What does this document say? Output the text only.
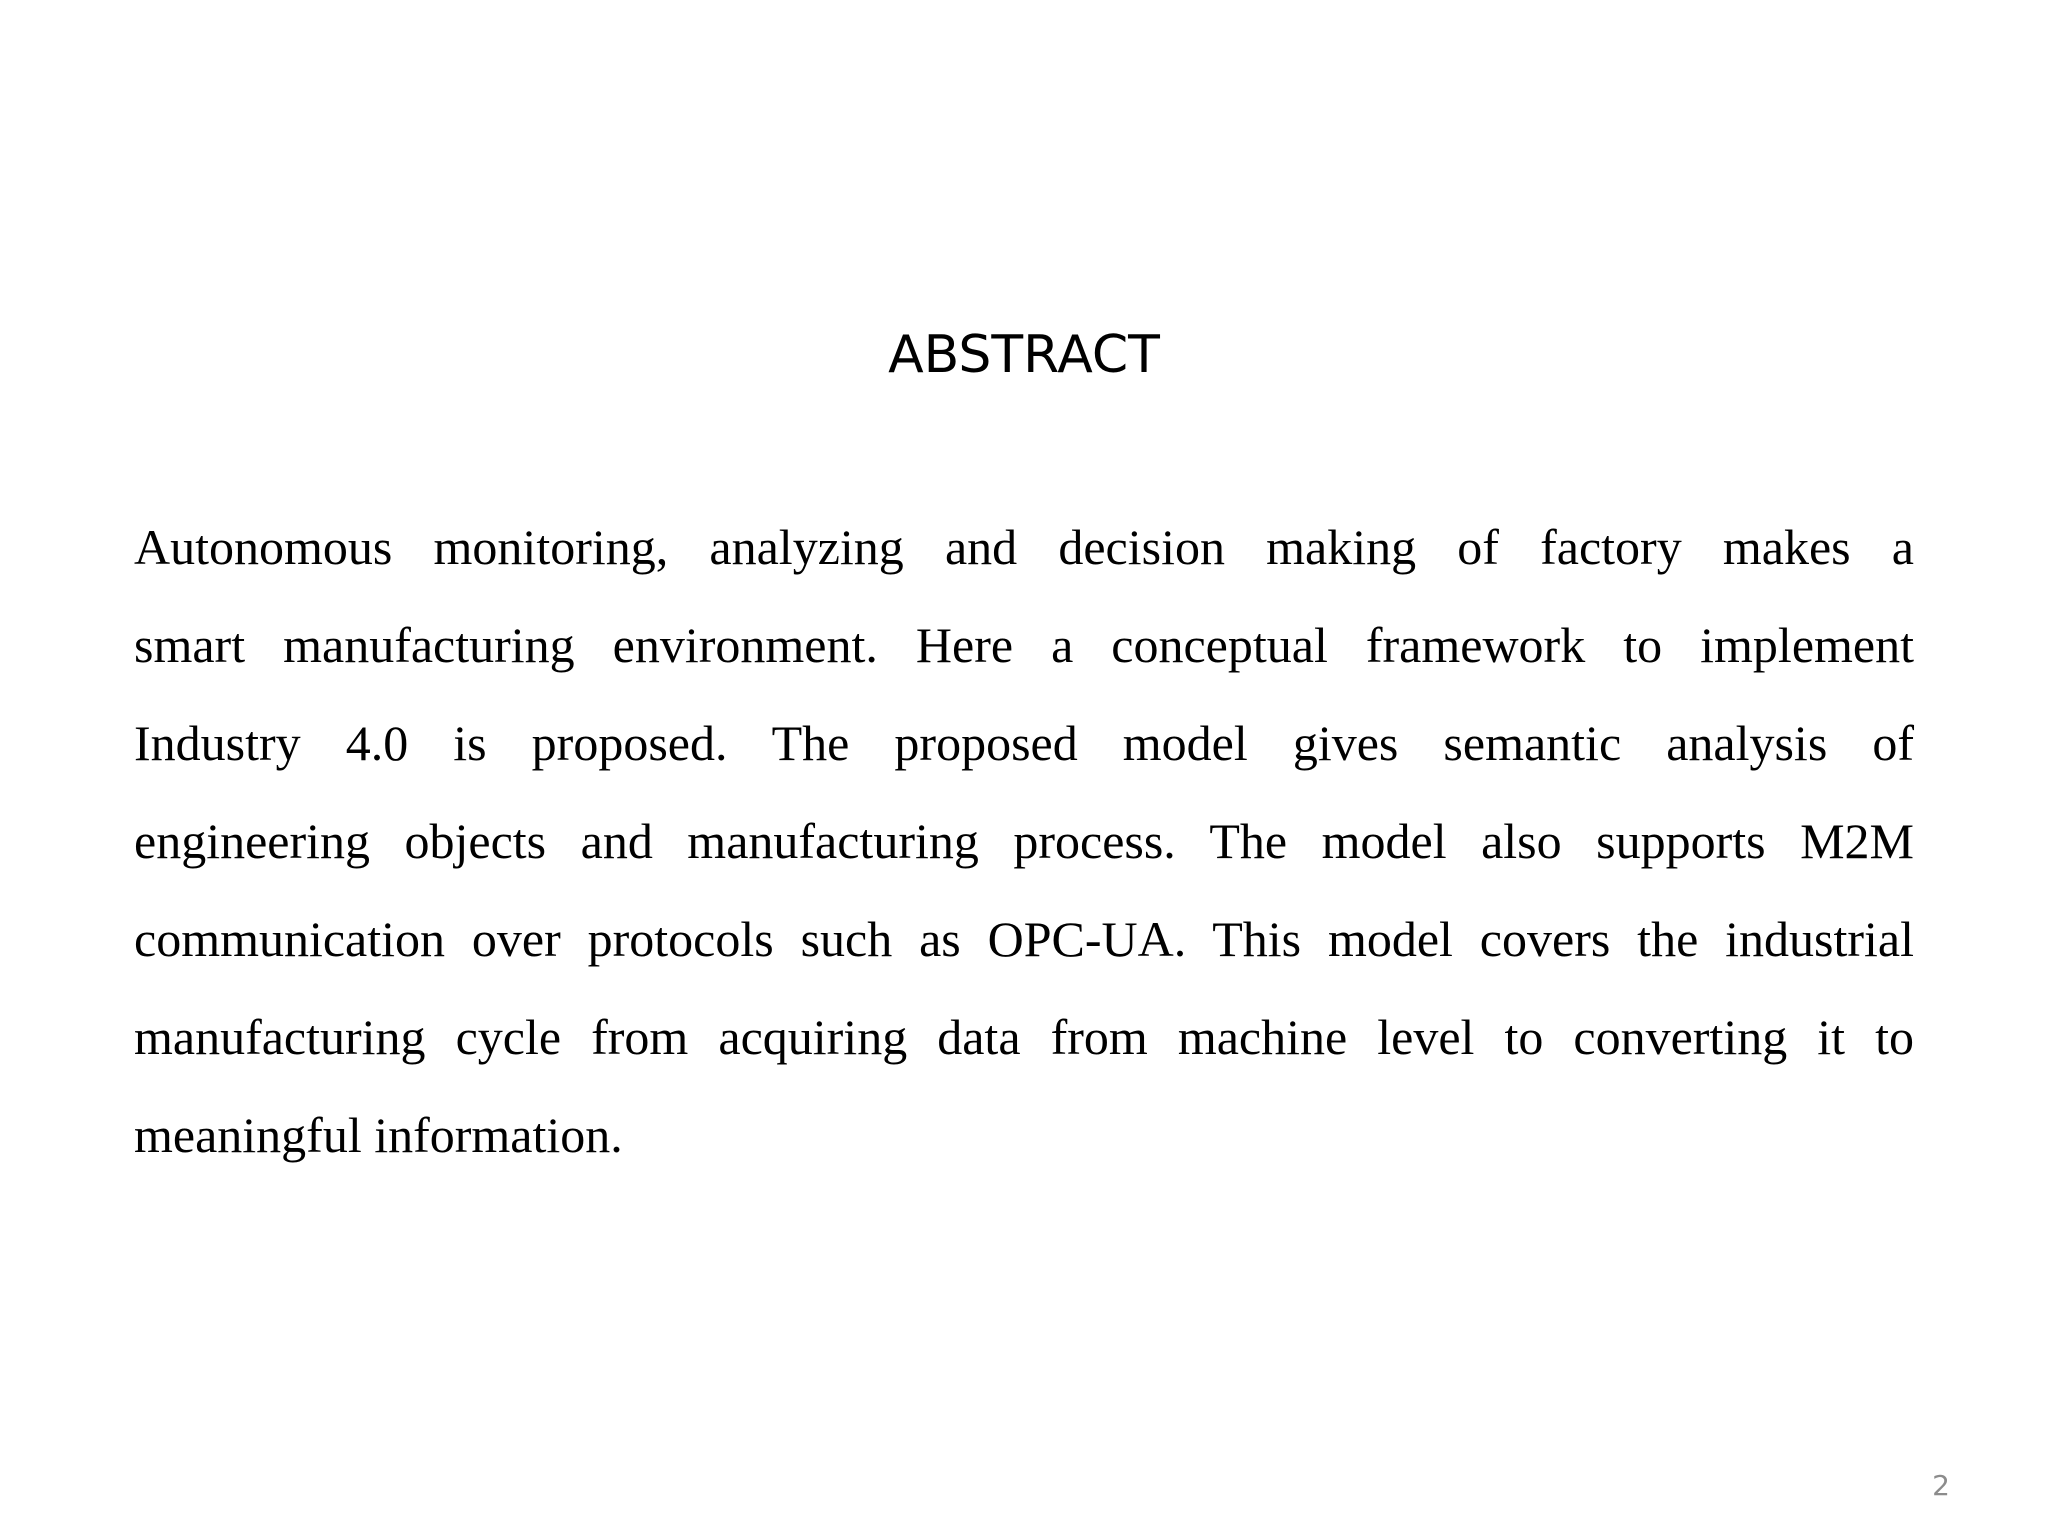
ABSTRACT
Autonomous monitoring, analyzing and decision making of factory makes a
smart manufacturing environment. Here a conceptual framework to implement
Industry 4.0 is proposed. The proposed model gives semantic analysis of
engineering objects and manufacturing process. The model also supports M2M
communication over protocols such as OPC-UA. This model covers the industrial
manufacturing cycle from acquiring data from machine level to converting it to
meaningful information.
2
